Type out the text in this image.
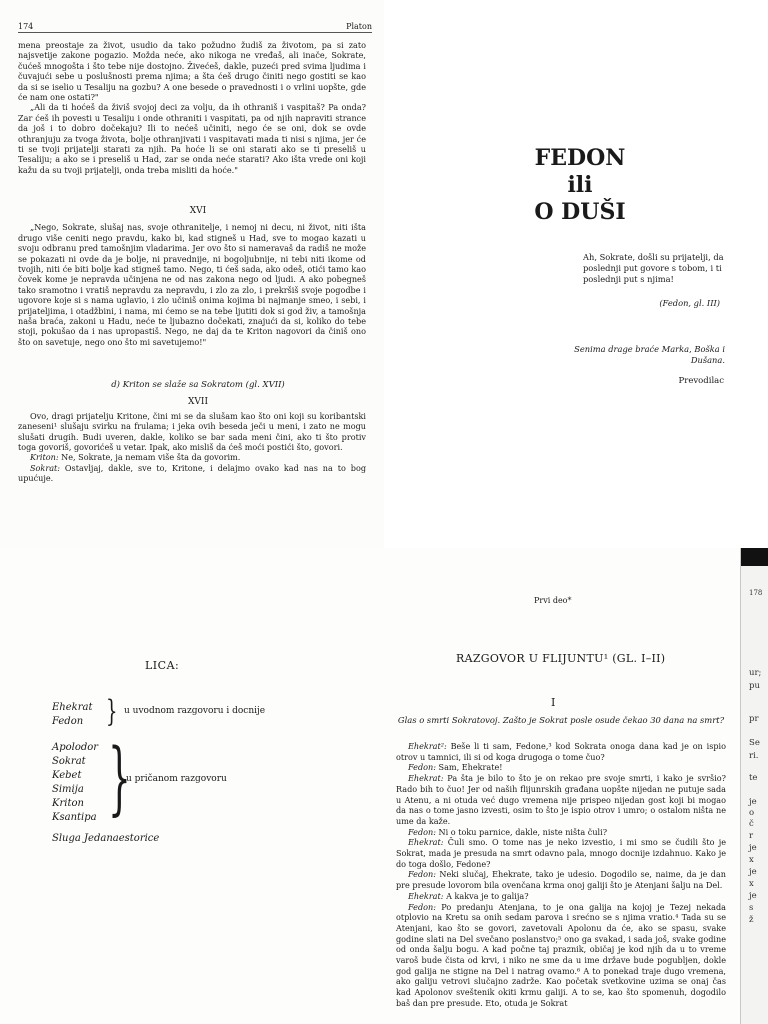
174	Platon

mena preostaje za život, usudio da tako požudno žudiš za životom, pa si zato najsvetije zakone pogazio. Možda neće, ako nikoga ne vređaš, ali inače, Sokrate, čućeš mnogošta i što tebe nije dostojno. Živećeš, dakle, puzeći pred svima ljudima i čuvajući sebe u poslušnosti prema njima; a šta ćeš drugo činiti nego gostiti se kao da si se iselio u Tesaliju na gozbu? A one besede o pravednosti i o vrlini uopšte, gde će nam one ostati?"

„Ali da ti hoćeš da živiš svojoj deci za volju, da ih othraniš i vaspitaš? Pa onda? Zar ćeš ih povesti u Tesaliju i onde othraniti i vaspitati, pa od njih napraviti strance da još i to dobro dočekaju? Ili to nećeš učiniti, nego će se oni, dok se ovde othranjuju za tvoga života, bolje othranjivati i vaspitavati mada ti nisi s njima, jer će ti se tvoji prijatelji starati za njih. Pa hoće li se oni starati ako se ti preseliš u Tesaliju; a ako se i preseliš u Had, zar se onda neće starati? Ako išta vrede oni koji kažu da su tvoji prijatelji, onda treba misliti da hoće."

XVI

„Nego, Sokrate, slušaj nas, svoje othranitelje, i nemoj ni decu, ni život, niti išta drugo više ceniti nego pravdu, kako bi, kad stigneš u Had, sve to mogao kazati u svoju odbranu pred tamošnjim vladarima. Jer ovo što si nameravaš da radiš ne može se pokazati ni ovde da je bolje, ni pravednije, ni bogoljubnije, ni tebi niti ikome od tvojih, niti će biti bolje kad stigneš tamo. Nego, ti ćeš sada, ako odeš, otići tamo kao čovek kome je nepravda učinjena ne od nas zakona nego od ljudi. A ako pobegneš tako sramotno i vratiš nepravdu za nepravdu, i zlo za zlo, i prekršiš svoje pogodbe i ugovore koje si s nama uglavio, i zlo učiniš onima kojima bi najmanje smeo, i sebi, i prijateljima, i otadžbini, i nama, mi ćemo se na tebe ljutiti dok si god živ, a tamošnja naša braća, zakoni u Hadu, neće te ljubazno dočekati, znajući da si, koliko do tebe stoji, pokušao da i nas upropastiš. Nego, ne daj da te Kriton nagovori da činiš ono što on savetuje, nego ono što mi savetujemo!"

d) Kriton se slaže sa Sokratom (gl. XVII)

XVII

Ovo, dragi prijatelju Kritone, čini mi se da slušam kao što oni koji su koribantski zaneseni¹ slušaju svirku na frulama; i jeka ovih beseda ječi u meni, i zato ne mogu slušati drugih. Budi uveren, dakle, koliko se bar sada meni čini, ako ti što protiv toga govoriš, govorićeš u vetar. Ipak, ako misliš da ćeš moći postići što, govori.

Kriton: Ne, Sokrate, ja nemam više šta da govorim.

Sokrat: Ostavljaj, dakle, sve to, Kritone, i delajmo ovako kad nas na to bog upućuje.

FEDON
ili
O DUŠI
Ah, Sokrate, došli su prijatelji, da poslednji put govore s tobom, i ti poslednji put s njima!
(Fedon, gl. III)
Senima drage braće Marka, Boška i Dušana.
Prevodilac
LICA:
Ehekrat
Fedon } u uvodnom razgovoru i docnije
Apolodor
Sokrat
Kebet
Simija
Kriton
Ksantipa }
u pričanom razgovoru
Sluga Jedanaestorice
Prvi deo*
RAZGOVOR U FLIJUNTU¹ (GL. I–II)
I
Glas o smrti Sokratovoj. Zašto je Sokrat posle osude čekao 30 dana na smrt?

Ehekrat²: Beše li ti sam, Fedone,³ kod Sokrata onoga dana kad je on ispio otrov u tamnici, ili si od koga drugoga o tome čuo?

Fedon: Sam, Ehekrate!

Ehekrat: Pa šta je bilo to što je on rekao pre svoje smrti, i kako je svršio? Rado bih to čuo! Jer od naših flijunrskih građana uopšte nijedan ne putuje sada u Atenu, a ni otuda već dugo vremena nije prispeo nijedan gost koji bi mogao da nas o tome jasno izvesti, osim to što je ispio otrov i umro; o ostalom ništa ne ume da kaže.

Fedon: Ni o toku parnice, dakle, niste ništa čuli?

Ehekrat: Čuli smo. O tome nas je neko izvestio, i mi smo se čudili što je Sokrat, mada je presuda na smrt odavno pala, mnogo docnije izdahnuo. Kako je do toga došlo, Fedone?

Fedon: Neki slučaj, Ehekrate, tako je udesio. Dogodilo se, naime, da je dan pre presude lovorom bila ovenčana krma onoj galiji što je Atenjani šalju na Del.

Ehekrat: A kakva je to galija?

Fedon: Po predanju Atenjana, to je ona galija na kojoj je Tezej nekada otplovio na Kretu sa onih sedam parova i srećno se s njima vratio.⁴ Tada su se Atenjani, kao što se govori, zavetovali Apolonu da će, ako se spasu, svake godine slati na Del svečano poslanstvo;⁵ ono ga svakad, i sada još, svake godine od onda šalju bogu. A kad počne taj praznik, običaj je kod njih da u to vreme varoš bude čista od krvi, i niko ne sme da u ime države bude pogubljen, dokle god galija ne stigne na Del i natrag ovamo.⁶ A to ponekad traje dugo vremena, ako galiju vetrovi slučajno zadrže. Kao početak svetkovine uzima se onaj čas kad Apolonov sveštenik okiti krmu galiji. A to se, kao što spomenuh, dogodilo baš dan pre presude. Eto, otuda je Sokrat

178
ur;
pu
pr
Se
ri.
te
je
o
č
r
je
x
je
x
je
s
ž
